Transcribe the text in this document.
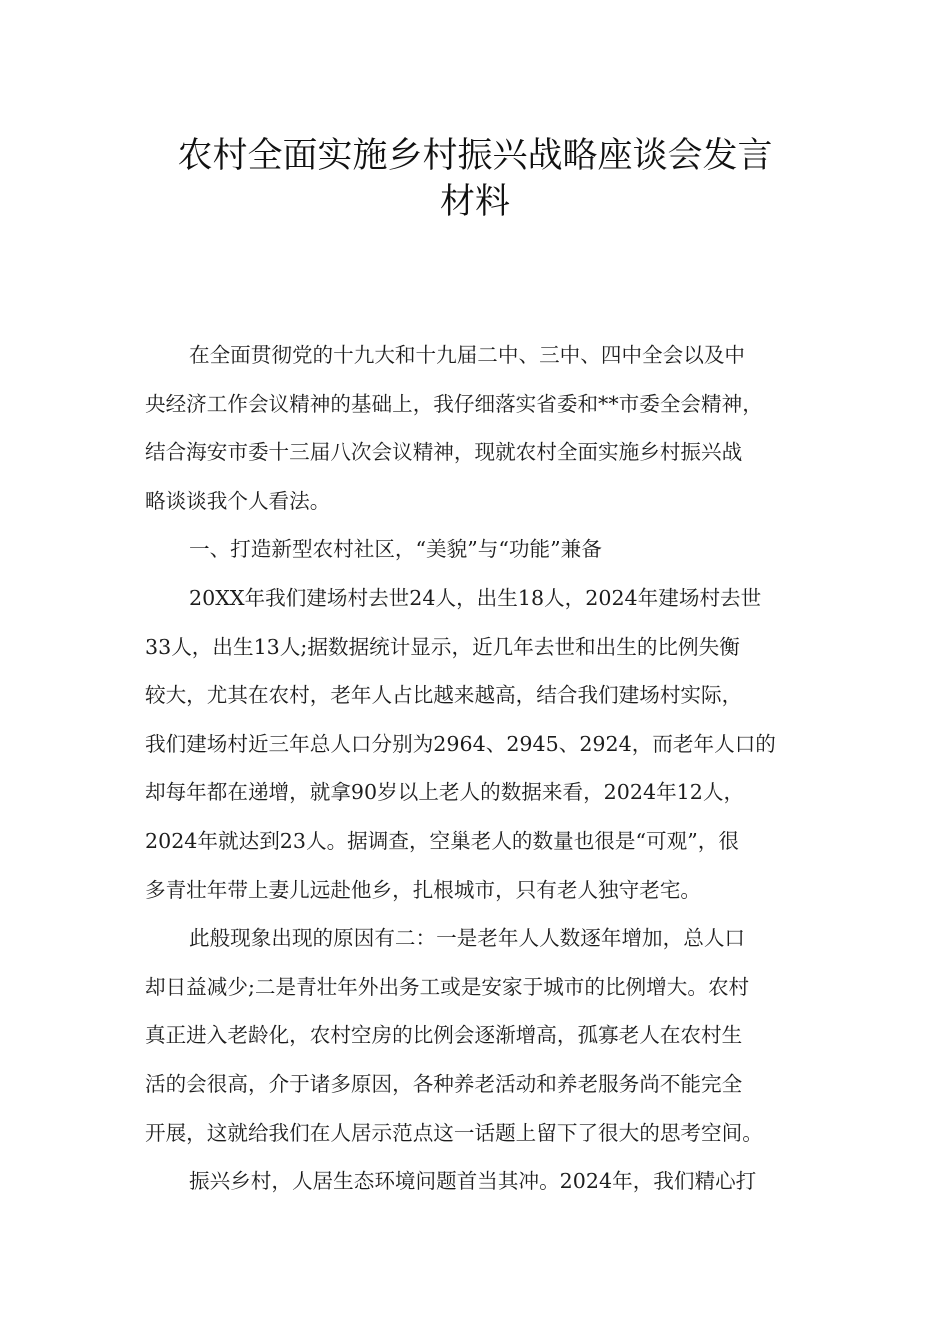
农村全面实施乡村振兴战略座谈会发言
材料
在全面贯彻党的十九大和十九届二中、三中、四中全会以及中
央经济工作会议精神的基础上，我仔细落实省委和**市委全会精神，
结合海安市委十三届八次会议精神，现就农村全面实施乡村振兴战
略谈谈我个人看法。
一、打造新型农村社区，“美貌”与“功能”兼备
20XX年我们建场村去世24人，出生18人，2024年建场村去世
33人，出生13人;据数据统计显示，近几年去世和出生的比例失衡
较大，尤其在农村，老年人占比越来越高，结合我们建场村实际，
我们建场村近三年总人口分别为2964、2945、2924，而老年人口的
却每年都在递增，就拿90岁以上老人的数据来看，2024年12人，
2024年就达到23人。据调查，空巢老人的数量也很是“可观”，很
多青壮年带上妻儿远赴他乡，扎根城市，只有老人独守老宅。
此般现象出现的原因有二：一是老年人人数逐年增加，总人口
却日益减少;二是青壮年外出务工或是安家于城市的比例增大。农村
真正进入老龄化，农村空房的比例会逐渐增高，孤寡老人在农村生
活的会很高，介于诸多原因，各种养老活动和养老服务尚不能完全
开展，这就给我们在人居示范点这一话题上留下了很大的思考空间。
振兴乡村，人居生态环境问题首当其冲。2024年，我们精心打
